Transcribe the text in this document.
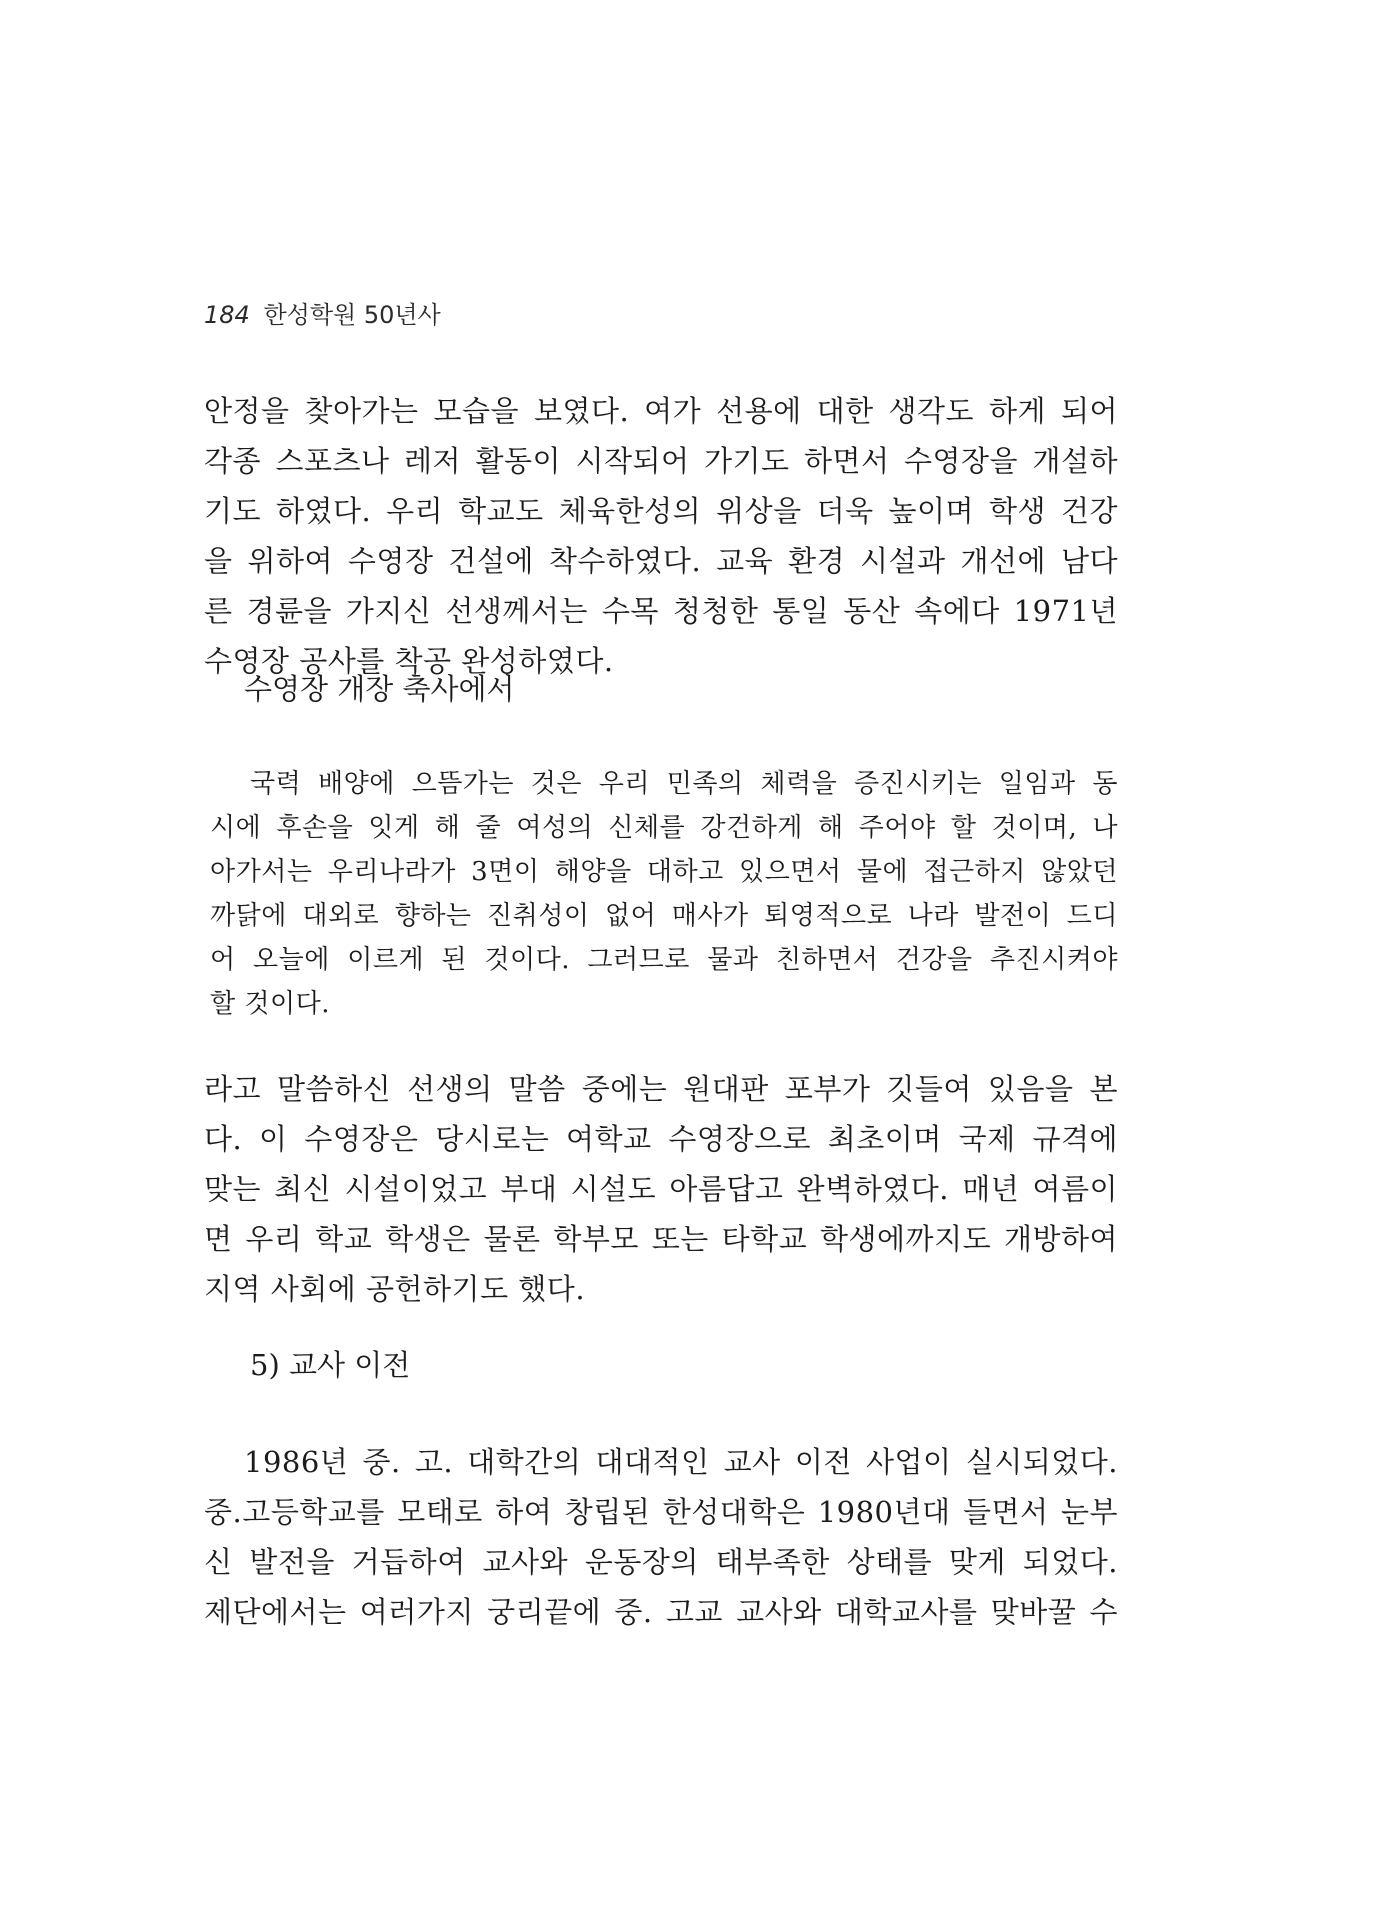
184 한성학원 50년사
안정을 찾아가는 모습을 보였다. 여가 선용에 대한 생각도 하게 되어
각종 스포츠나 레저 활동이 시작되어 가기도 하면서 수영장을 개설하
기도 하였다. 우리 학교도 체육한성의 위상을 더욱 높이며 학생 건강
을 위하여 수영장 건설에 착수하였다. 교육 환경 시설과 개선에 남다
른 경륜을 가지신 선생께서는 수목 청청한 통일 동산 속에다 1971년
수영장 공사를 착공 완성하였다.
수영장 개장 축사에서
국력 배양에 으뜸가는 것은 우리 민족의 체력을 증진시키는 일임과 동
시에 후손을 잇게 해 줄 여성의 신체를 강건하게 해 주어야 할 것이며, 나
아가서는 우리나라가 3면이 해양을 대하고 있으면서 물에 접근하지 않았던
까닭에 대외로 향하는 진취성이 없어 매사가 퇴영적으로 나라 발전이 드디
어 오늘에 이르게 된 것이다. 그러므로 물과 친하면서 건강을 추진시켜야
할 것이다.
라고 말씀하신 선생의 말씀 중에는 원대판 포부가 깃들여 있음을 본
다. 이 수영장은 당시로는 여학교 수영장으로 최초이며 국제 규격에
맞는 최신 시설이었고 부대 시설도 아름답고 완벽하였다. 매년 여름이
면 우리 학교 학생은 물론 학부모 또는 타학교 학생에까지도 개방하여
지역 사회에 공헌하기도 했다.
5) 교사 이전
1986년 중. 고. 대학간의 대대적인 교사 이전 사업이 실시되었다.
중.고등학교를 모태로 하여 창립된 한성대학은 1980년대 들면서 눈부
신 발전을 거듭하여 교사와 운동장의 태부족한 상태를 맞게 되었다.
제단에서는 여러가지 궁리끝에 중. 고교 교사와 대학교사를 맞바꿀 수
